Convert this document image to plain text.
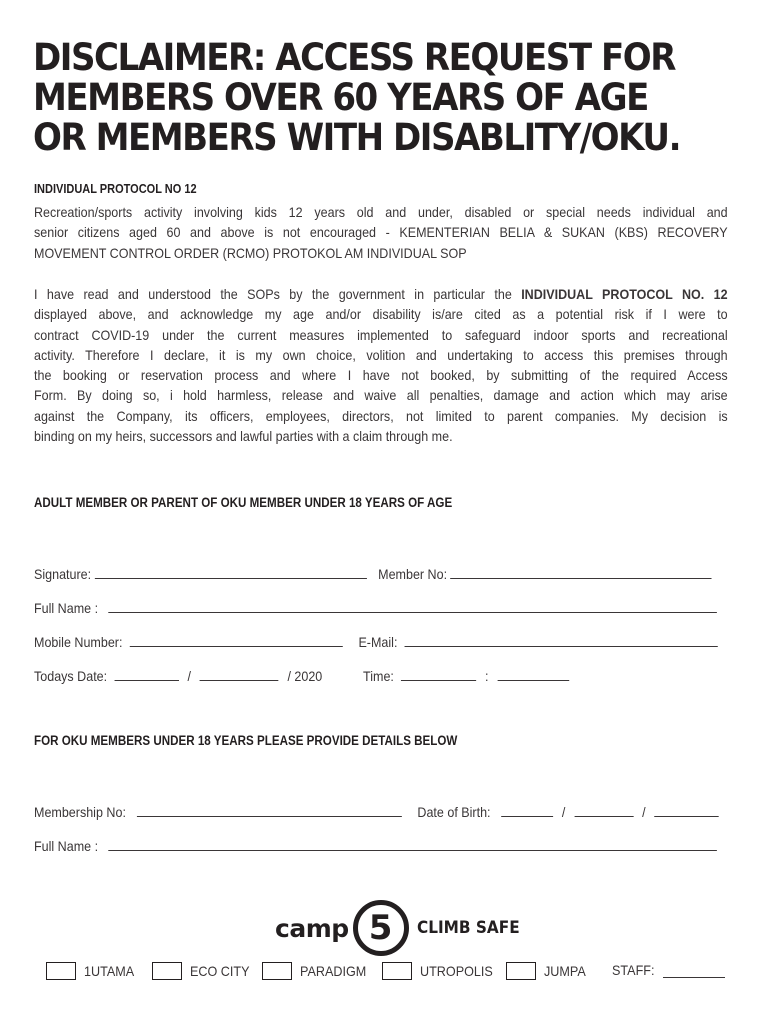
DISCLAIMER: ACCESS REQUEST FOR
MEMBERS OVER 60 YEARS OF AGE
OR MEMBERS WITH DISABLITY/OKU.
INDIVIDUAL PROTOCOL NO 12
Recreation/sports activity involving kids 12 years old and under, disabled or special needs individual and
senior citizens aged 60 and above is not encouraged - KEMENTERIAN BELIA & SUKAN (KBS) RECOVERY
MOVEMENT CONTROL ORDER (RCMO) PROTOKOL AM INDIVIDUAL SOP
I have read and understood the SOPs by the government in particular the INDIVIDUAL PROTOCOL NO. 12
displayed above, and acknowledge my age and/or disability is/are cited as a potential risk if I were to
contract COVID-19 under the current measures implemented to safeguard indoor sports and recreational
activity. Therefore I declare, it is my own choice, volition and undertaking to access this premises through
the booking or reservation process and where I have not booked, by submitting of the required Access
Form. By doing so, i hold harmless, release and waive all penalties, damage and action which may arise
against the Company, its officers, employees, directors, not limited to parent companies. My decision is
binding on my heirs, successors and lawful parties with a claim through me.
ADULT MEMBER OR PARENT OF OKU MEMBER UNDER 18 YEARS OF AGE
Signature:	Member No:
Full Name :
Mobile Number:	E-Mail:
Todays Date:	/	/ 2020	Time:	:
FOR OKU MEMBERS UNDER 18 YEARS PLEASE PROVIDE DETAILS BELOW
Membership No:	Date of Birth:	/	/
Full Name :
camp 5 CLIMB SAFE
1UTAMA	ECO CITY	PARADIGM	UTROPOLIS	JUMPA STAFF:
